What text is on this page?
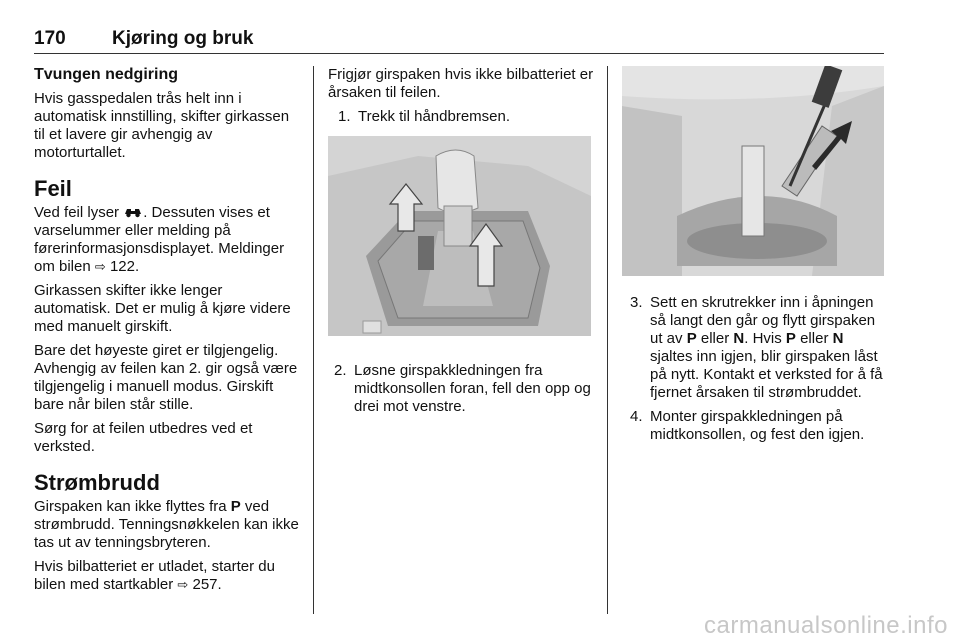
170 Kjøring og bruk
Tvungen nedgiring

Hvis gasspedalen trås helt inn i automatisk innstilling, skifter girkassen til et lavere gir avhengig av motorturtallet.

Feil

Ved feil lyser . Dessuten vises et varselummer eller melding på førerinformasjonsdisplayet. Meldinger om bilen ⇨ 122.

Girkassen skifter ikke lenger automatisk. Det er mulig å kjøre videre med manuelt girskift.

Bare det høyeste giret er tilgjengelig. Avhengig av feilen kan 2. gir også være tilgjengelig i manuell modus. Girskift bare når bilen står stille.

Sørg for at feilen utbedres ved et verksted.

Strømbrudd

Girspaken kan ikke flyttes fra P ved strømbrudd. Tenningsnøkkelen kan ikke tas ut av tenningsbryteren.

Hvis bilbatteriet er utladet, starter du bilen med startkabler ⇨ 257.

Frigjør girspaken hvis ikke bilbatteriet er årsaken til feilen.

1. Trekk til håndbremsen.
2. Løsne girspakkledningen fra midtkonsollen foran, fell den opp og drei mot venstre.
3. Sett en skrutrekker inn i åpningen så langt den går og flytt girspaken ut av P eller N. Hvis P eller N sjaltes inn igjen, blir girspaken låst på nytt. Kontakt et verksted for å få fjernet årsaken til strømbruddet.
4. Monter girspakkledningen på midtkonsollen, og fest den igjen.
carmanualsonline.info
